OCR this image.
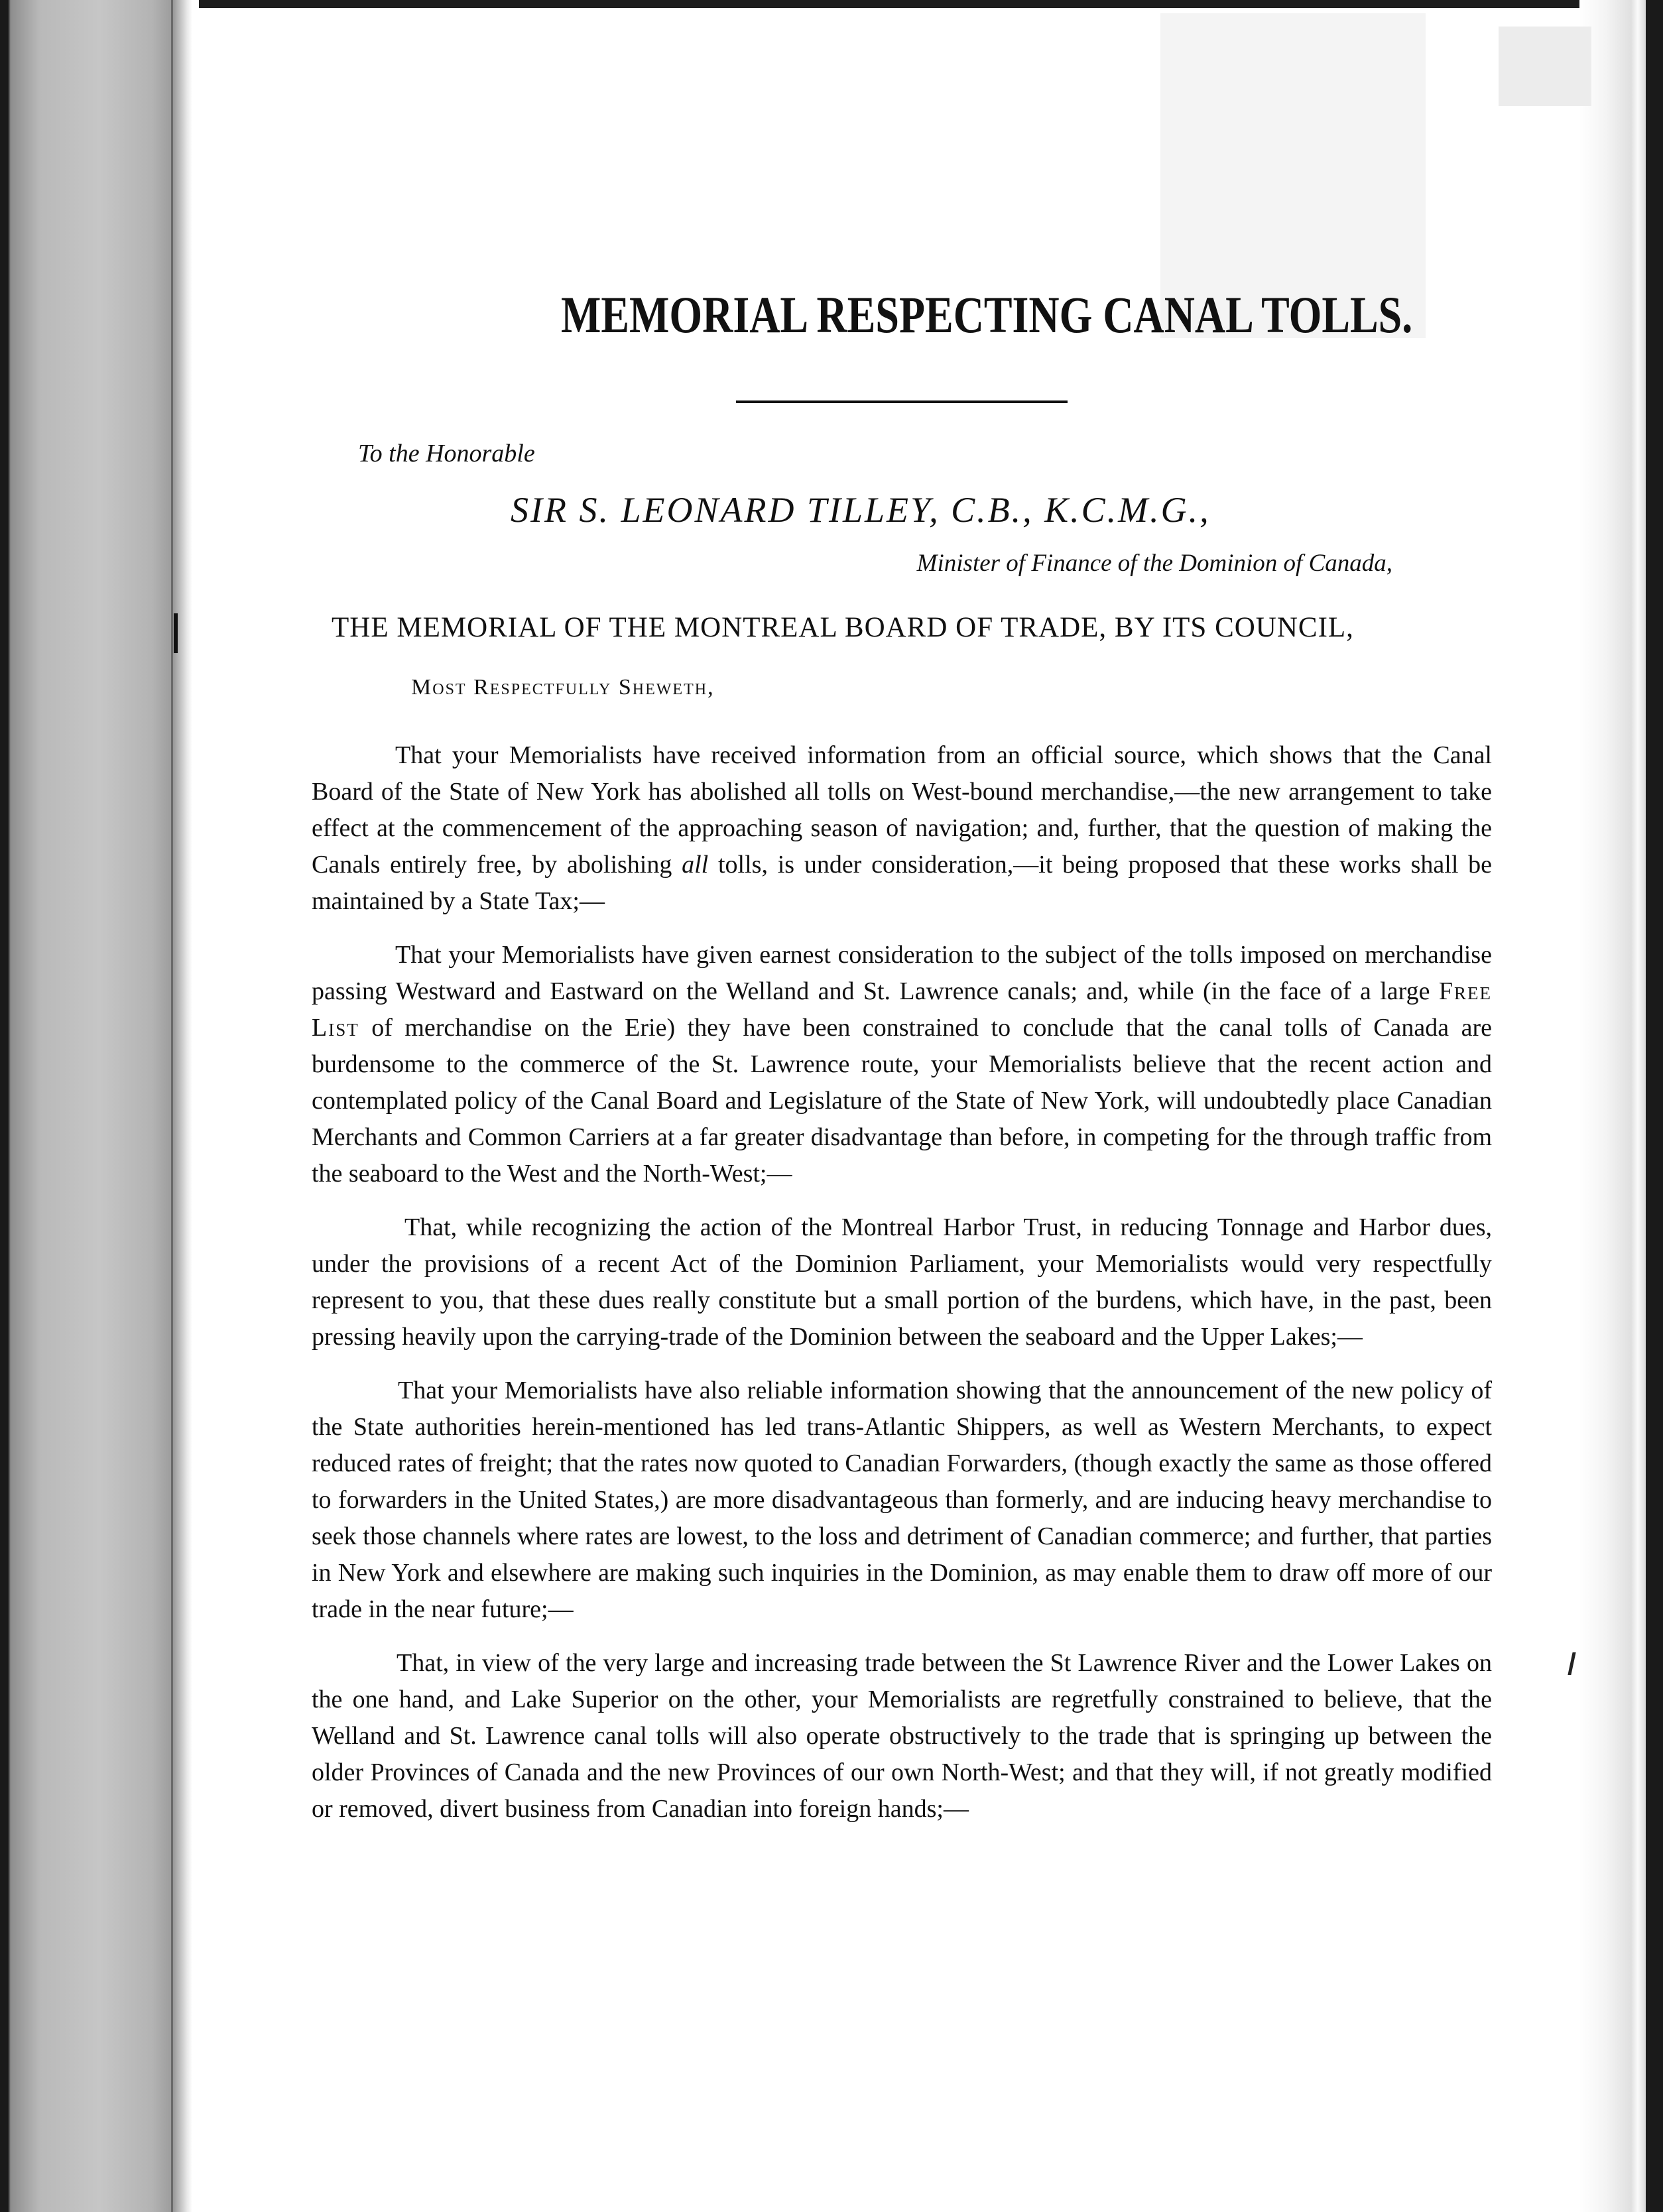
MEMORIAL RESPECTING CANAL TOLLS.
To the Honorable
SIR S. LEONARD TILLEY, C.B., K.C.M.G.,
Minister of Finance of the Dominion of Canada,
THE MEMORIAL OF THE MONTREAL BOARD OF TRADE, BY ITS COUNCIL,
Most Respectfully Sheweth,

That your Memorialists have received information from an official source, which shows that the Canal Board of the State of New York has abolished all tolls on West-bound merchandise,—the new arrangement to take effect at the commencement of the approaching season of navigation; and, further, that the question of making the Canals entirely free, by abolishing all tolls, is under consideration,—it being proposed that these works shall be maintained by a State Tax;—

That your Memorialists have given earnest consideration to the subject of the tolls imposed on merchandise passing Westward and Eastward on the Welland and St. Lawrence canals; and, while (in the face of a large Free List of merchandise on the Erie) they have been constrained to conclude that the canal tolls of Canada are burdensome to the commerce of the St. Lawrence route, your Memorialists believe that the recent action and contemplated policy of the Canal Board and Legislature of the State of New York, will undoubtedly place Canadian Merchants and Common Carriers at a far greater disadvantage than before, in competing for the through traffic from the seaboard to the West and the North-West;—

That, while recognizing the action of the Montreal Harbor Trust, in reducing Tonnage and Harbor dues, under the provisions of a recent Act of the Dominion Parliament, your Memorialists would very respectfully represent to you, that these dues really constitute but a small portion of the burdens, which have, in the past, been pressing heavily upon the carrying-trade of the Dominion between the seaboard and the Upper Lakes;—

That your Memorialists have also reliable information showing that the announcement of the new policy of the State authorities herein-mentioned has led trans-Atlantic Shippers, as well as Western Merchants, to expect reduced rates of freight; that the rates now quoted to Canadian Forwarders, (though exactly the same as those offered to forwarders in the United States,) are more disadvantageous than formerly, and are inducing heavy merchandise to seek those channels where rates are lowest, to the loss and detriment of Canadian commerce; and further, that parties in New York and elsewhere are making such inquiries in the Dominion, as may enable them to draw off more of our trade in the near future;—

That, in view of the very large and increasing trade between the St Lawrence River and the Lower Lakes on the one hand, and Lake Superior on the other, your Memorialists are regretfully constrained to believe, that the Welland and St. Lawrence canal tolls will also operate obstructively to the trade that is springing up between the older Provinces of Canada and the new Provinces of our own North-West; and that they will, if not greatly modified or removed, divert business from Canadian into foreign hands;—
